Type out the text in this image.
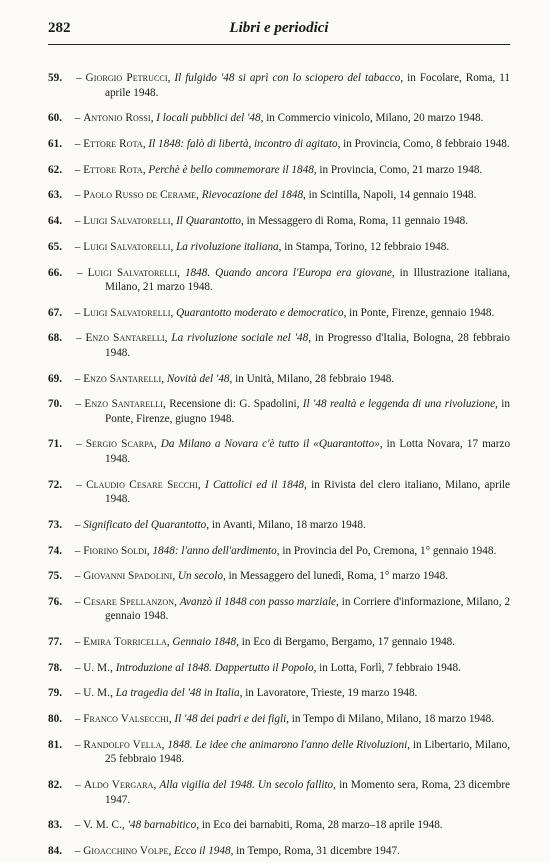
282	Libri e periodici

59. – Giorgio Petrucci, Il fulgido '48 si aprì con lo sciopero del tabacco, in Focolare, Roma, 11 aprile 1948.

60. – Antonio Rossi, I locali pubblici del '48, in Commercio vinicolo, Milano, 20 marzo 1948.

61. – Ettore Rota, Il 1848: falò di libertà, incontro di agitato, in Provincia, Como, 8 febbraio 1948.

62. – Ettore Rota, Perchè è bello commemorare il 1848, in Provincia, Como, 21 marzo 1948.

63. – Paolo Russo de Cerame, Rievocazione del 1848, in Scintilla, Napoli, 14 gennaio 1948.

64. – Luigi Salvatorelli, Il Quarantotto, in Messaggero di Roma, Roma, 11 gennaio 1948.

65. – Luigi Salvatorelli, La rivoluzione italiana, in Stampa, Torino, 12 febbraio 1948.

66. – Luigi Salvatorelli, 1848. Quando ancora l'Europa era giovane, in Illustrazione italiana, Milano, 21 marzo 1948.

67. – Luigi Salvatorelli, Quarantotto moderato e democratico, in Ponte, Firenze, gennaio 1948.

68. – Enzo Santarelli, La rivoluzione sociale nel '48, in Progresso d'Italia, Bologna, 28 febbraio 1948.

69. – Enzo Santarelli, Novità del '48, in Unità, Milano, 28 febbraio 1948.

70. – Enzo Santarelli, Recensione di: G. Spadolini, Il '48 realtà e leggenda di una rivoluzione, in Ponte, Firenze, giugno 1948.

71. – Sergio Scarpa, Da Milano a Novara c'è tutto il «Quarantotto», in Lotta Novara, 17 marzo 1948.

72. – Claudio Cesare Secchi, I Cattolici ed il 1848, in Rivista del clero italiano, Milano, aprile 1948.

73. – Significato del Quarantotto, in Avanti, Milano, 18 marzo 1948.

74. – Fiorino Soldi, 1848: l'anno dell'ardimento, in Provincia del Po, Cremona, 1° gennaio 1948.

75. – Giovanni Spadolini, Un secolo, in Messaggero del lunedì, Roma, 1° marzo 1948.

76. – Cesare Spellanzon, Avanzò il 1848 con passo marziale, in Corriere d'informazione, Milano, 2 gennaio 1948.

77. – Emira Torricella, Gennaio 1848, in Eco di Bergamo, Bergamo, 17 gennaio 1948.

78. – U. M., Introduzione al 1848. Dappertutto il Popolo, in Lotta, Forlì, 7 febbraio 1948.

79. – U. M., La tragedia del '48 in Italia, in Lavoratore, Trieste, 19 marzo 1948.

80. – Franco Valsecchi, Il '48 dei padri e dei figli, in Tempo di Milano, Milano, 18 marzo 1948.

81. – Randolfo Vella, 1848. Le idee che animarono l'anno delle Rivoluzioni, in Libertario, Milano, 25 febbraio 1948.

82. – Aldo Vergara, Alla vigilia del 1948. Un secolo fallito, in Momento sera, Roma, 23 dicembre 1947.

83. – V. M. C., '48 barnabitico, in Eco dei barnabiti, Roma, 28 marzo–18 aprile 1948.

84. – Gioacchino Volpe, Ecco il 1948, in Tempo, Roma, 31 dicembre 1947.
